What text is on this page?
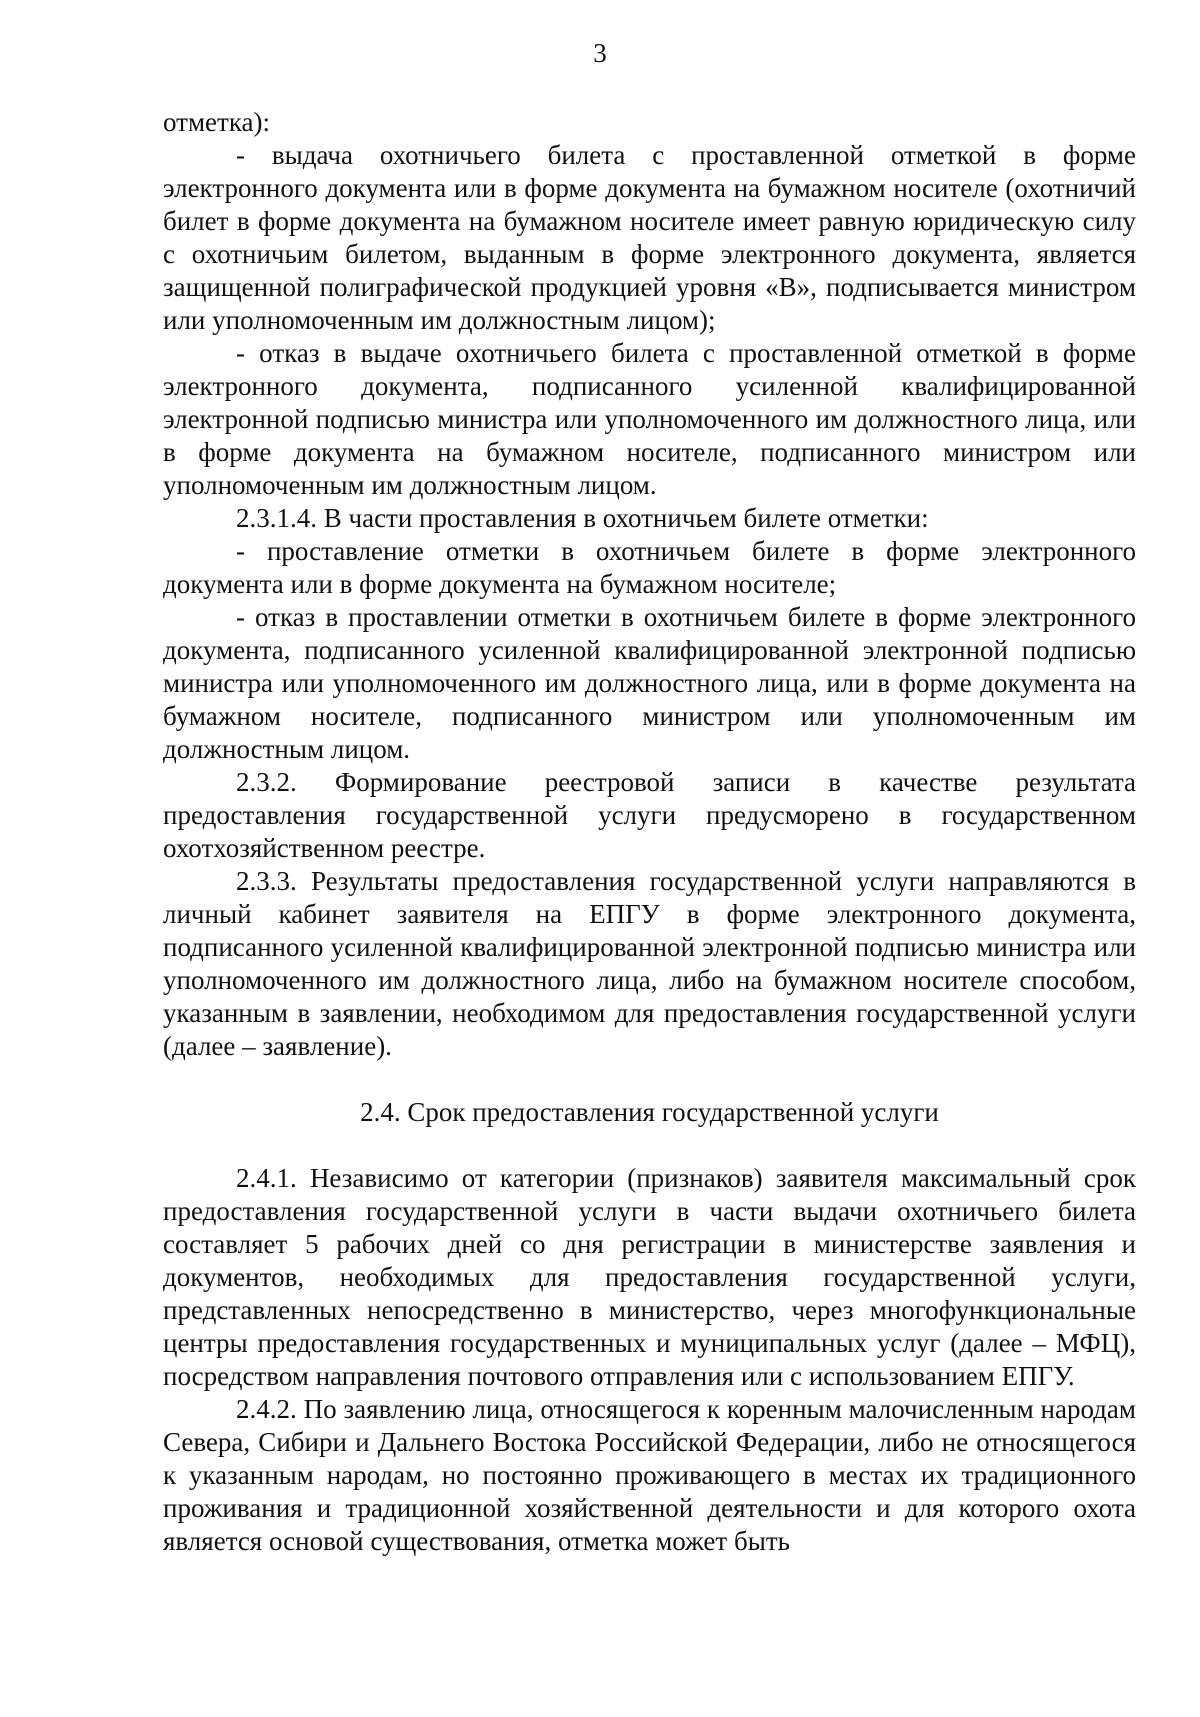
3

отметка):

- выдача охотничьего билета с проставленной отметкой в форме электронного документа или в форме документа на бумажном носителе (охотничий билет в форме документа на бумажном носителе имеет равную юридическую силу с охотничьим билетом, выданным в форме электронного документа, является защищенной полиграфической продукцией уровня «В», подписывается министром или уполномоченным им должностным лицом);

- отказ в выдаче охотничьего билета с проставленной отметкой в форме электронного документа, подписанного усиленной квалифицированной электронной подписью министра или уполномоченного им должностного лица, или в форме документа на бумажном носителе, подписанного министром или уполномоченным им должностным лицом.

2.3.1.4. В части проставления в охотничьем билете отметки:

- проставление отметки в охотничьем билете в форме электронного документа или в форме документа на бумажном носителе;

- отказ в проставлении отметки в охотничьем билете в форме электронного документа, подписанного усиленной квалифицированной электронной подписью министра или уполномоченного им должностного лица, или в форме документа на бумажном носителе, подписанного министром или уполномоченным им должностным лицом.

2.3.2. Формирование реестровой записи в качестве результата предоставления государственной услуги предусморено в государственном охотхозяйственном реестре.

2.3.3. Результаты предоставления государственной услуги направляются в личный кабинет заявителя на ЕПГУ в форме электронного документа, подписанного усиленной квалифицированной электронной подписью министра или уполномоченного им должностного лица, либо на бумажном носителе способом, указанным в заявлении, необходимом для предоставления государственной услуги (далее – заявление).

2.4. Срок предоставления государственной услуги

2.4.1. Независимо от категории (признаков) заявителя максимальный срок предоставления государственной услуги в части выдачи охотничьего билета составляет 5 рабочих дней со дня регистрации в министерстве заявления и документов, необходимых для предоставления государственной услуги, представленных непосредственно в министерство, через многофункциональные центры предоставления государственных и муниципальных услуг (далее – МФЦ), посредством направления почтового отправления или с использованием ЕПГУ.

2.4.2. По заявлению лица, относящегося к коренным малочисленным народам Севера, Сибири и Дальнего Востока Российской Федерации, либо не относящегося к указанным народам, но постоянно проживающего в местах их традиционного проживания и традиционной хозяйственной деятельности и для которого охота является основой существования, отметка может быть
